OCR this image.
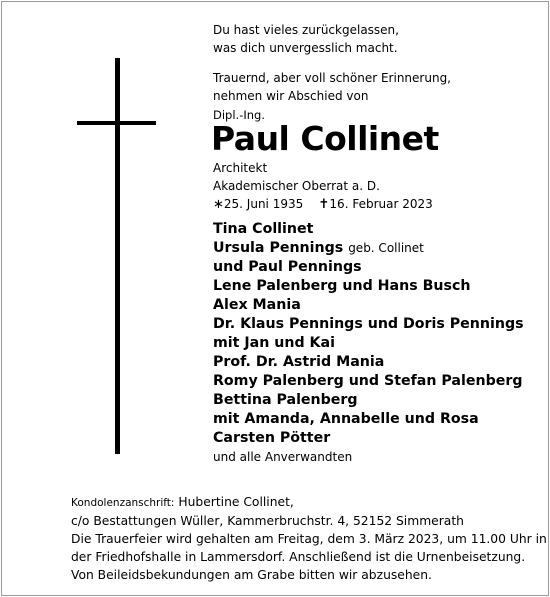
Du hast vieles zurückgelassen,

was dich unvergesslich macht.

Trauernd, aber voll schöner Erinnerung,

nehmen wir Abschied von

Dipl.-Ing.

Paul Collinet

Architekt

Akademischer Oberrat a. D.

∗25. Juni 1935 ✝16. Februar 2023

Tina Collinet
Ursula Pennings geb. Collinet
und Paul Pennings
Lene Palenberg und Hans Busch
Alex Mania
Dr. Klaus Pennings und Doris Pennings
mit Jan und Kai
Prof. Dr. Astrid Mania
Romy Palenberg und Stefan Palenberg
Bettina Palenberg
mit Amanda, Annabelle und Rosa
Carsten Pötter
und alle Anverwandten
Kondolenzanschrift: Hubertine Collinet,
c/o Bestattungen Wüller, Kammerbruchstr. 4, 52152 Simmerath
Die Trauerfeier wird gehalten am Freitag, dem 3. März 2023, um 11.00 Uhr in
der Friedhofshalle in Lammersdorf. Anschließend ist die Urnenbeisetzung.
Von Beileidsbekundungen am Grabe bitten wir abzusehen.
